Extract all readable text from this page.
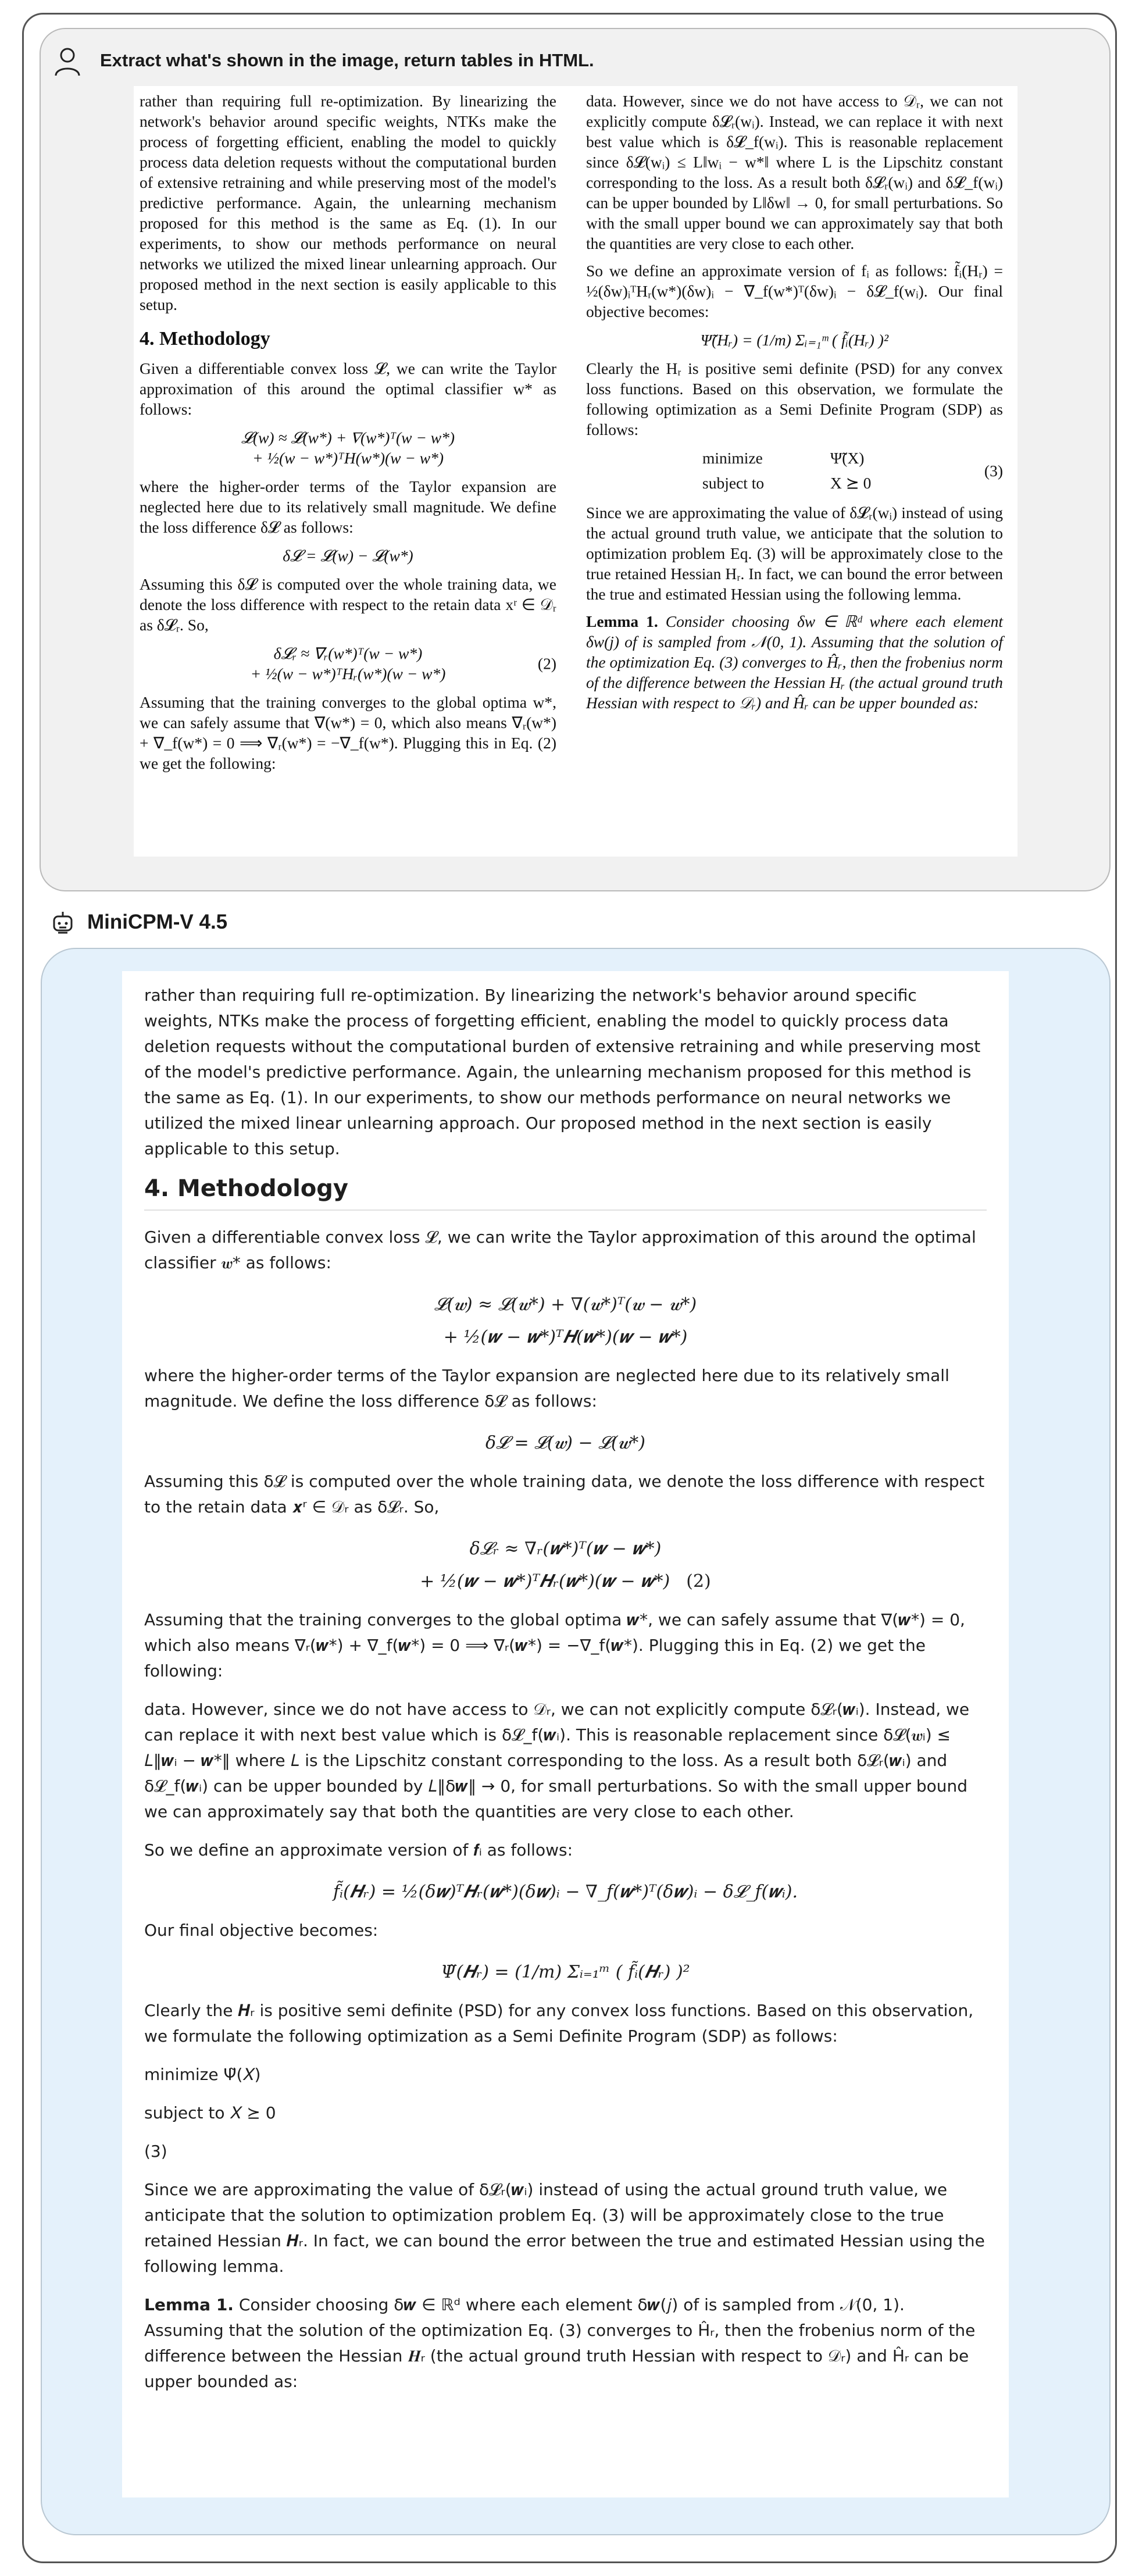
Extract what's shown in the image, return tables in HTML.

rather than requiring full re-optimization. By linearizing the network's behavior around specific weights, NTKs make the process of forgetting efficient, enabling the model to quickly process data deletion requests without the computational burden of extensive retraining and while preserving most of the model's predictive performance. Again, the unlearning mechanism proposed for this method is the same as Eq. (1). In our experiments, to show our methods performance on neural networks we utilized the mixed linear unlearning approach. Our proposed method in the next section is easily applicable to this setup.

4. Methodology

Given a differentiable convex loss 𝓛, we can write the Taylor approximation of this around the optimal classifier w* as follows:

𝓛(w) ≈ 𝓛(w*) + ∇(w*)ᵀ(w − w*)
+ ½(w − w*)ᵀH(w*)(w − w*)

where the higher-order terms of the Taylor expansion are neglected here due to its relatively small magnitude. We define the loss difference δ𝓛 as follows:

δ𝓛 = 𝓛(w) − 𝓛(w*)

Assuming this δ𝓛 is computed over the whole training data, we denote the loss difference with respect to the retain data xʳ ∈ 𝒟ᵣ as δ𝓛ᵣ. So,

δ𝓛ᵣ ≈ ∇ᵣ(w*)ᵀ(w − w*)
+ ½(w − w*)ᵀHᵣ(w*)(w − w*)
(2)

Assuming that the training converges to the global optima w*, we can safely assume that ∇(w*) = 0, which also means ∇ᵣ(w*) + ∇_f(w*) = 0 ⟹ ∇ᵣ(w*) = −∇_f(w*). Plugging this in Eq. (2) we get the following:

data. However, since we do not have access to 𝒟ᵣ, we can not explicitly compute δ𝓛ᵣ(wᵢ). Instead, we can replace it with next best value which is δ𝓛_f(wᵢ). This is reasonable replacement since δ𝓛(wᵢ) ≤ L‖wᵢ − w*‖ where L is the Lipschitz constant corresponding to the loss. As a result both δ𝓛ᵣ(wᵢ) and δ𝓛_f(wᵢ) can be upper bounded by L‖δw‖ → 0, for small perturbations. So with the small upper bound we can approximately say that both the quantities are very close to each other.

So we define an approximate version of fᵢ as follows: f̃ᵢ(Hᵣ) = ½(δw)ᵢᵀHᵣ(w*)(δw)ᵢ − ∇_f(w*)ᵀ(δw)ᵢ − δ𝓛_f(wᵢ). Our final objective becomes:

Ψ̃(Hᵣ) = (1/m) Σᵢ₌₁ᵐ ( f̃ᵢ(Hᵣ) )²

Clearly the Hᵣ is positive semi definite (PSD) for any convex loss functions. Based on this observation, we formulate the following optimization as a Semi Definite Program (SDP) as follows:

minimize	Ψ̃(X)
(3)
subject to	X ⪰ 0

Since we are approximating the value of δ𝓛ᵣ(wᵢ) instead of using the actual ground truth value, we anticipate that the solution to optimization problem Eq. (3) will be approximately close to the true retained Hessian Hᵣ. In fact, we can bound the error between the true and estimated Hessian using the following lemma.

Lemma 1. Consider choosing δw ∈ ℝᵈ where each element δw(j) of is sampled from 𝒩(0, 1). Assuming that the solution of the optimization Eq. (3) converges to Ĥᵣ, then the frobenius norm of the difference between the Hessian Hᵣ (the actual ground truth Hessian with respect to 𝒟ᵣ) and Ĥᵣ can be upper bounded as:

MiniCPM-V 4.5

rather than requiring full re-optimization. By linearizing the network's behavior around specific weights, NTKs make the process of forgetting efficient, enabling the model to quickly process data deletion requests without the computational burden of extensive retraining and while preserving most of the model's predictive performance. Again, the unlearning mechanism proposed for this method is the same as Eq. (1). In our experiments, to show our methods performance on neural networks we utilized the mixed linear unlearning approach. Our proposed method in the next section is easily applicable to this setup.

4. Methodology

Given a differentiable convex loss 𝓛, we can write the Taylor approximation of this around the optimal classifier 𝒘* as follows:

𝓛(𝒘) ≈ 𝓛(𝒘*) + ∇(𝒘*)ᵀ(𝒘 − 𝒘*)
+ ½(𝒘 − 𝒘*)ᵀ𝑯(𝒘*)(𝒘 − 𝒘*)

where the higher-order terms of the Taylor expansion are neglected here due to its relatively small magnitude. We define the loss difference δ𝓛 as follows:

δ𝓛 = 𝓛(𝒘) − 𝓛(𝒘*)

Assuming this δ𝓛 is computed over the whole training data, we denote the loss difference with respect to the retain data 𝒙ʳ ∈ 𝒟ᵣ as δ𝓛ᵣ. So,

δ𝓛ᵣ ≈ ∇ᵣ(𝒘*)ᵀ(𝒘 − 𝒘*)
+ ½(𝒘 − 𝒘*)ᵀ𝑯ᵣ(𝒘*)(𝒘 − 𝒘*) (2)

Assuming that the training converges to the global optima 𝒘*, we can safely assume that ∇(𝒘*) = 0, which also means ∇ᵣ(𝒘*) + ∇_f(𝒘*) = 0 ⟹ ∇ᵣ(𝒘*) = −∇_f(𝒘*). Plugging this in Eq. (2) we get the following:

data. However, since we do not have access to 𝒟ᵣ, we can not explicitly compute δ𝓛ᵣ(𝒘ᵢ). Instead, we can replace it with next best value which is δ𝓛_f(𝒘ᵢ). This is reasonable replacement since δ𝓛(𝒘ᵢ) ≤ 𝐿‖𝒘ᵢ − 𝒘*‖ where 𝐿 is the Lipschitz constant corresponding to the loss. As a result both δ𝓛ᵣ(𝒘ᵢ) and δ𝓛_f(𝒘ᵢ) can be upper bounded by 𝐿‖δ𝒘‖ → 0, for small perturbations. So with the small upper bound we can approximately say that both the quantities are very close to each other.

So we define an approximate version of 𝒇ᵢ as follows:

f̃ᵢ(𝑯ᵣ) = ½(δ𝒘)ᵀ𝑯ᵣ(𝒘*)(δ𝒘)ᵢ − ∇_f(𝒘*)ᵀ(δ𝒘)ᵢ − δ𝓛_f(𝒘ᵢ).

Our final objective becomes:

Ψ̃(𝑯ᵣ) = (1/𝑚) Σᵢ₌₁ᵐ ( f̃ᵢ(𝑯ᵣ) )²

Clearly the 𝑯ᵣ is positive semi definite (PSD) for any convex loss functions. Based on this observation, we formulate the following optimization as a Semi Definite Program (SDP) as follows:

minimize Ψ̃(𝑋)
subject to 𝑋 ⪰ 0
(3)

Since we are approximating the value of δ𝓛ᵣ(𝒘ᵢ) instead of using the actual ground truth value, we anticipate that the solution to optimization problem Eq. (3) will be approximately close to the true retained Hessian 𝑯ᵣ. In fact, we can bound the error between the true and estimated Hessian using the following lemma.

Lemma 1. Consider choosing δ𝒘 ∈ ℝᵈ where each element δ𝒘(𝑗) of is sampled from 𝒩(0, 1). Assuming that the solution of the optimization Eq. (3) converges to Ĥᵣ, then the frobenius norm of the difference between the Hessian 𝑯ᵣ (the actual ground truth Hessian with respect to 𝒟ᵣ) and Ĥᵣ can be upper bounded as:
